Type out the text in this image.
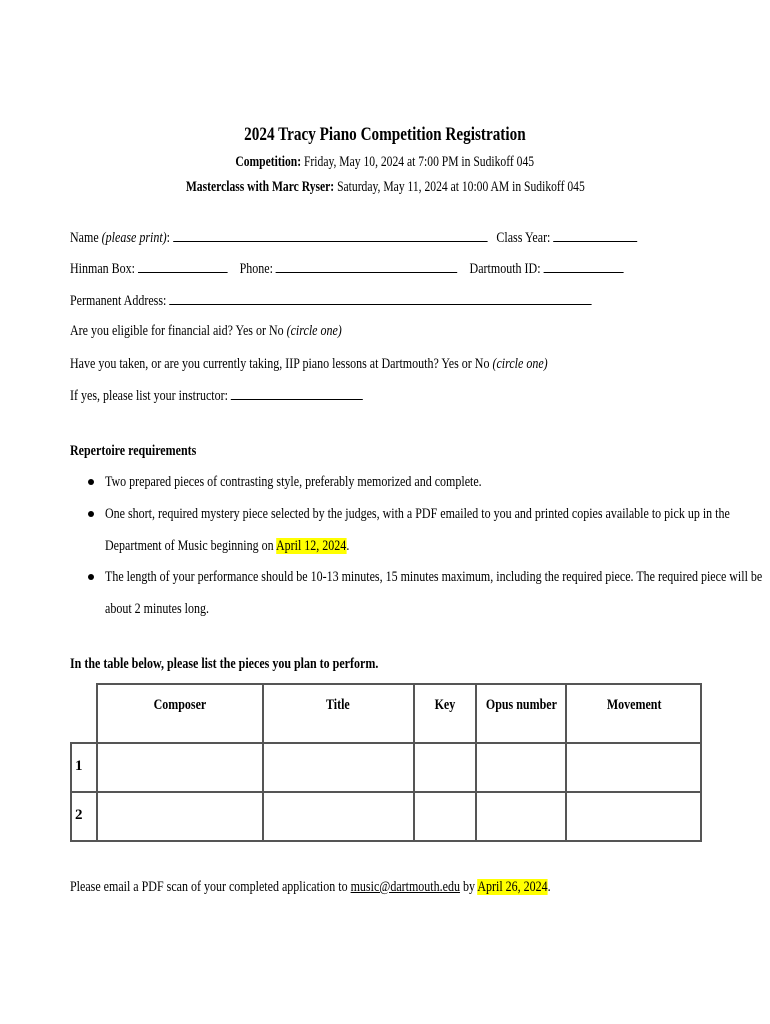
2024 Tracy Piano Competition Registration
Competition: Friday, May 10, 2024 at 7:00 PM in Sudikoff 045
Masterclass with Marc Ryser: Saturday, May 11, 2024 at 10:00 AM in Sudikoff 045
Name (please print):	Class Year:
Hinman Box:	Phone:	Dartmouth ID:
Permanent Address:
Are you eligible for financial aid? Yes or No (circle one)
Have you taken, or are you currently taking, IIP piano lessons at Dartmouth? Yes or No (circle one)
If yes, please list your instructor:
Repertoire requirements
Two prepared pieces of contrasting style, preferably memorized and complete.
One short, required mystery piece selected by the judges, with a PDF emailed to you and printed copies available to pick up in the
Department of Music beginning on April 12, 2024.
The length of your performance should be 10-13 minutes, 15 minutes maximum, including the required piece. The required piece will be
about 2 minutes long.
In the table below, please list the pieces you plan to perform.

	Composer	Title	Key	Opus number	Movement

1					

2					

Please email a PDF scan of your completed application to music@dartmouth.edu by April 26, 2024.
